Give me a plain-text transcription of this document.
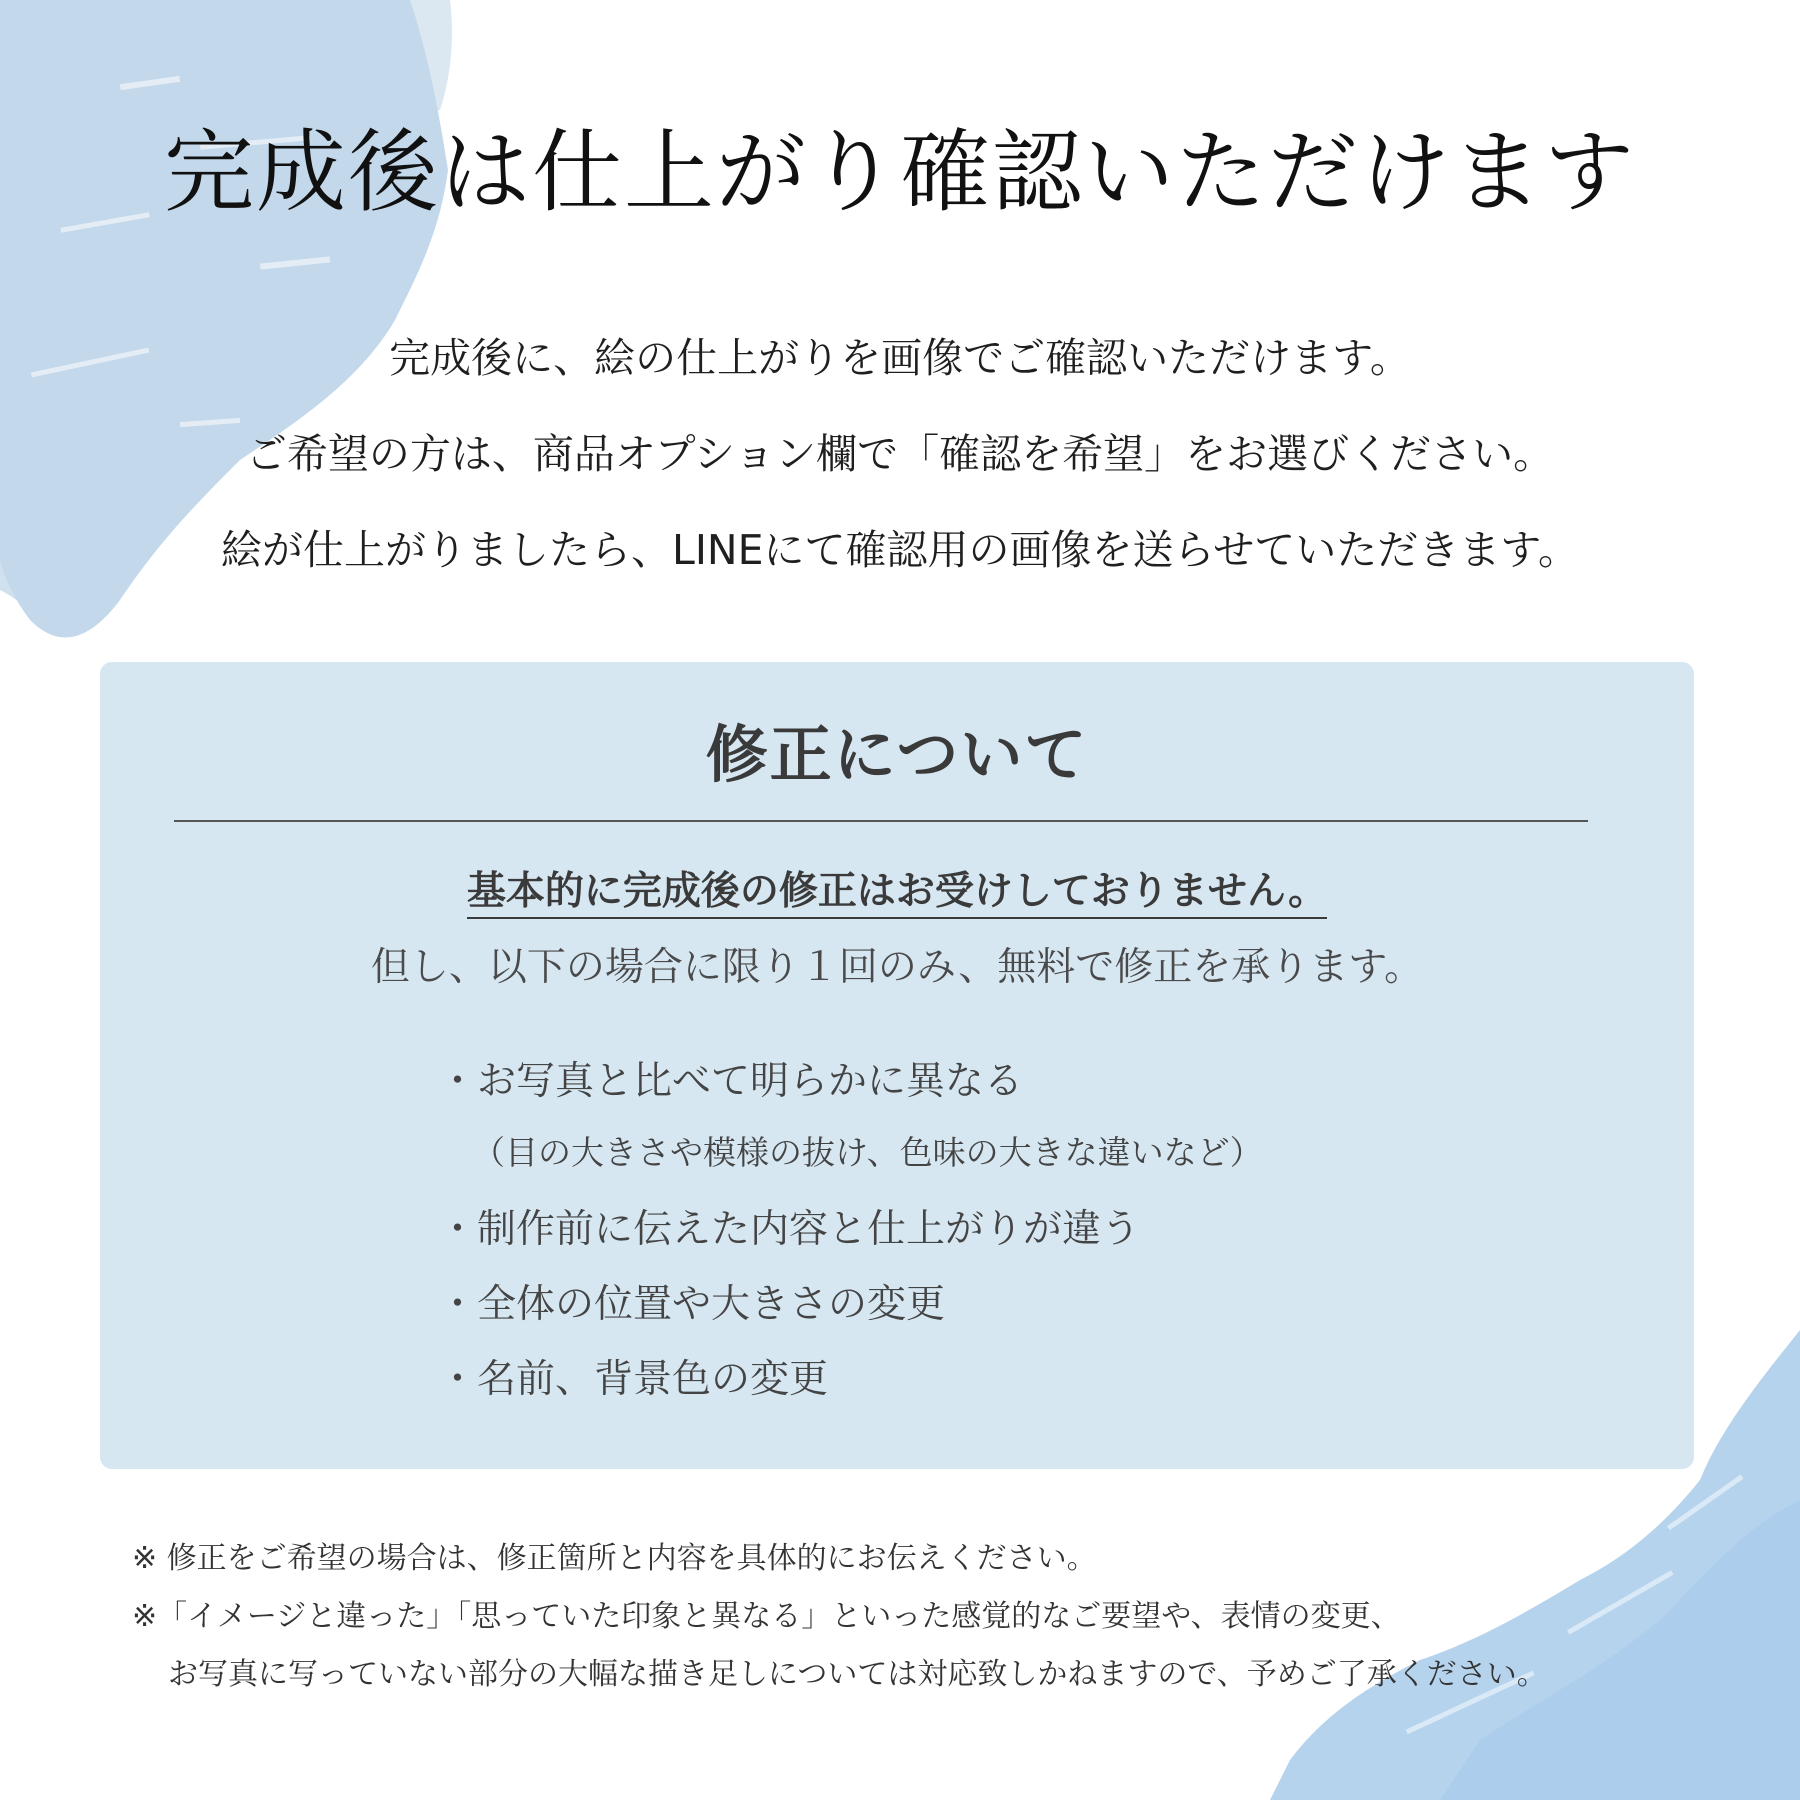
完成後は仕上がり確認いただけます

完成後に、絵の仕上がりを画像でご確認いただけます。

ご希望の方は、商品オプション欄で「確認を希望」をお選びください。

絵が仕上がりましたら、LINEにて確認用の画像を送らせていただきます。

修正について

基本的に完成後の修正はお受けしておりません。

但し、以下の場合に限り１回のみ、無料で修正を承ります。

・お写真と比べて明らかに異なる

（目の大きさや模様の抜け、色味の大きな違いなど）

・制作前に伝えた内容と仕上がりが違う

・全体の位置や大きさの変更

・名前、背景色の変更

※ 修正をご希望の場合は、修正箇所と内容を具体的にお伝えください。

※「イメージと違った」「思っていた印象と異なる」といった感覚的なご要望や、表情の変更、

お写真に写っていない部分の大幅な描き足しについては対応致しかねますので、予めご了承ください。
